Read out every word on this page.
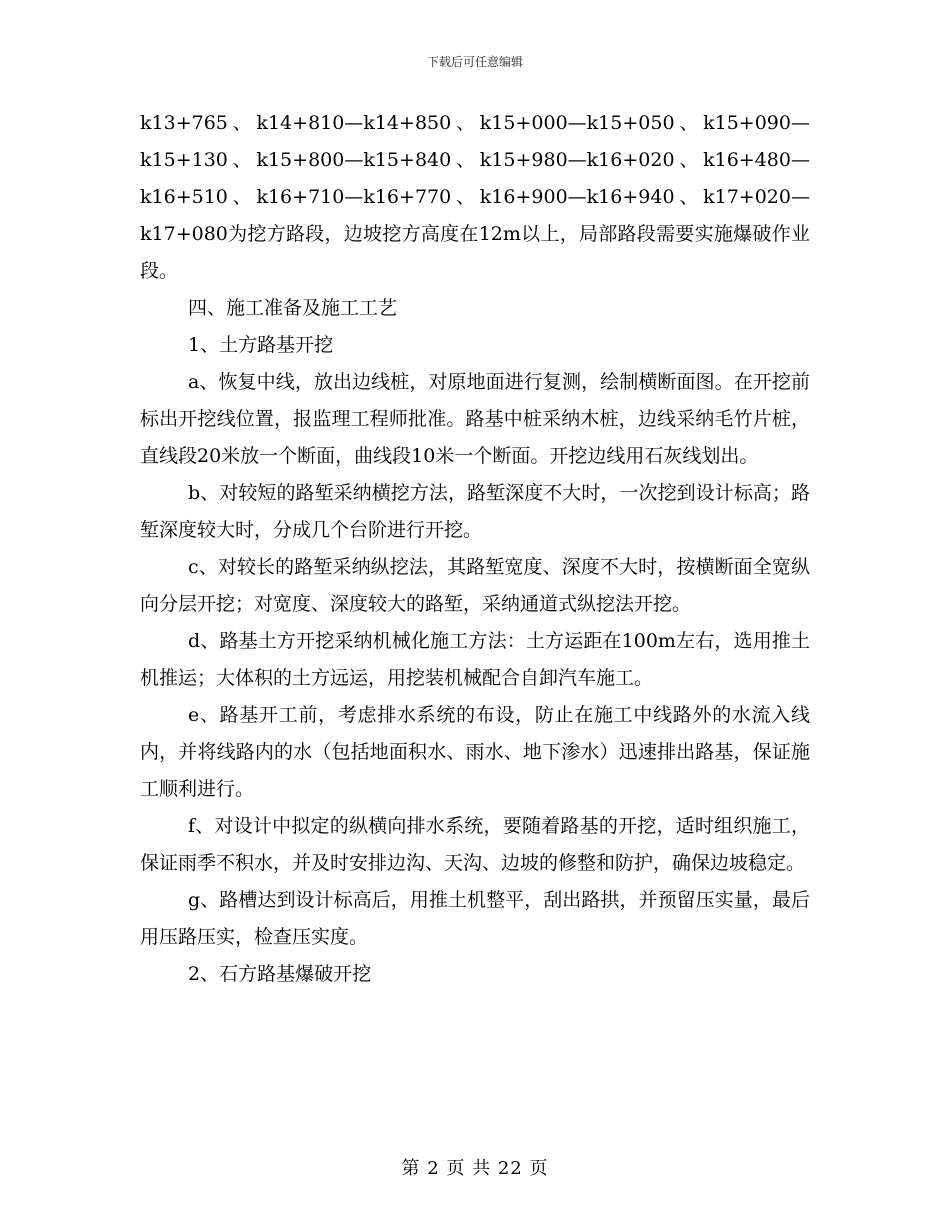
下载后可任意编辑

k13+765、k14+810—k14+850、k15+000—k15+050、k15+090—k15+130、k15+800—k15+840、k15+980—k16+020、k16+480—k16+510、k16+710—k16+770、k16+900—k16+940、k17+020—k17+080为挖方路段，边坡挖方高度在12m以上，局部路段需要实施爆破作业段。

四、施工准备及施工工艺

1、土方路基开挖

a、恢复中线，放出边线桩，对原地面进行复测，绘制横断面图。在开挖前标出开挖线位置，报监理工程师批准。路基中桩采纳木桩，边线采纳毛竹片桩，直线段20米放一个断面，曲线段10米一个断面。开挖边线用石灰线划出。

b、对较短的路堑采纳横挖方法，路堑深度不大时，一次挖到设计标高；路堑深度较大时，分成几个台阶进行开挖。

c、对较长的路堑采纳纵挖法，其路堑宽度、深度不大时，按横断面全宽纵向分层开挖；对宽度、深度较大的路堑，采纳通道式纵挖法开挖。

d、路基土方开挖采纳机械化施工方法：土方运距在100m左右，选用推土机推运；大体积的土方远运，用挖装机械配合自卸汽车施工。

e、路基开工前，考虑排水系统的布设，防止在施工中线路外的水流入线内，并将线路内的水（包括地面积水、雨水、地下渗水）迅速排出路基，保证施工顺利进行。

f、对设计中拟定的纵横向排水系统，要随着路基的开挖，适时组织施工，保证雨季不积水，并及时安排边沟、天沟、边坡的修整和防护，确保边坡稳定。

g、路槽达到设计标高后，用推土机整平，刮出路拱，并预留压实量，最后用压路压实，检查压实度。

2、石方路基爆破开挖

第 2 页 共 22 页
